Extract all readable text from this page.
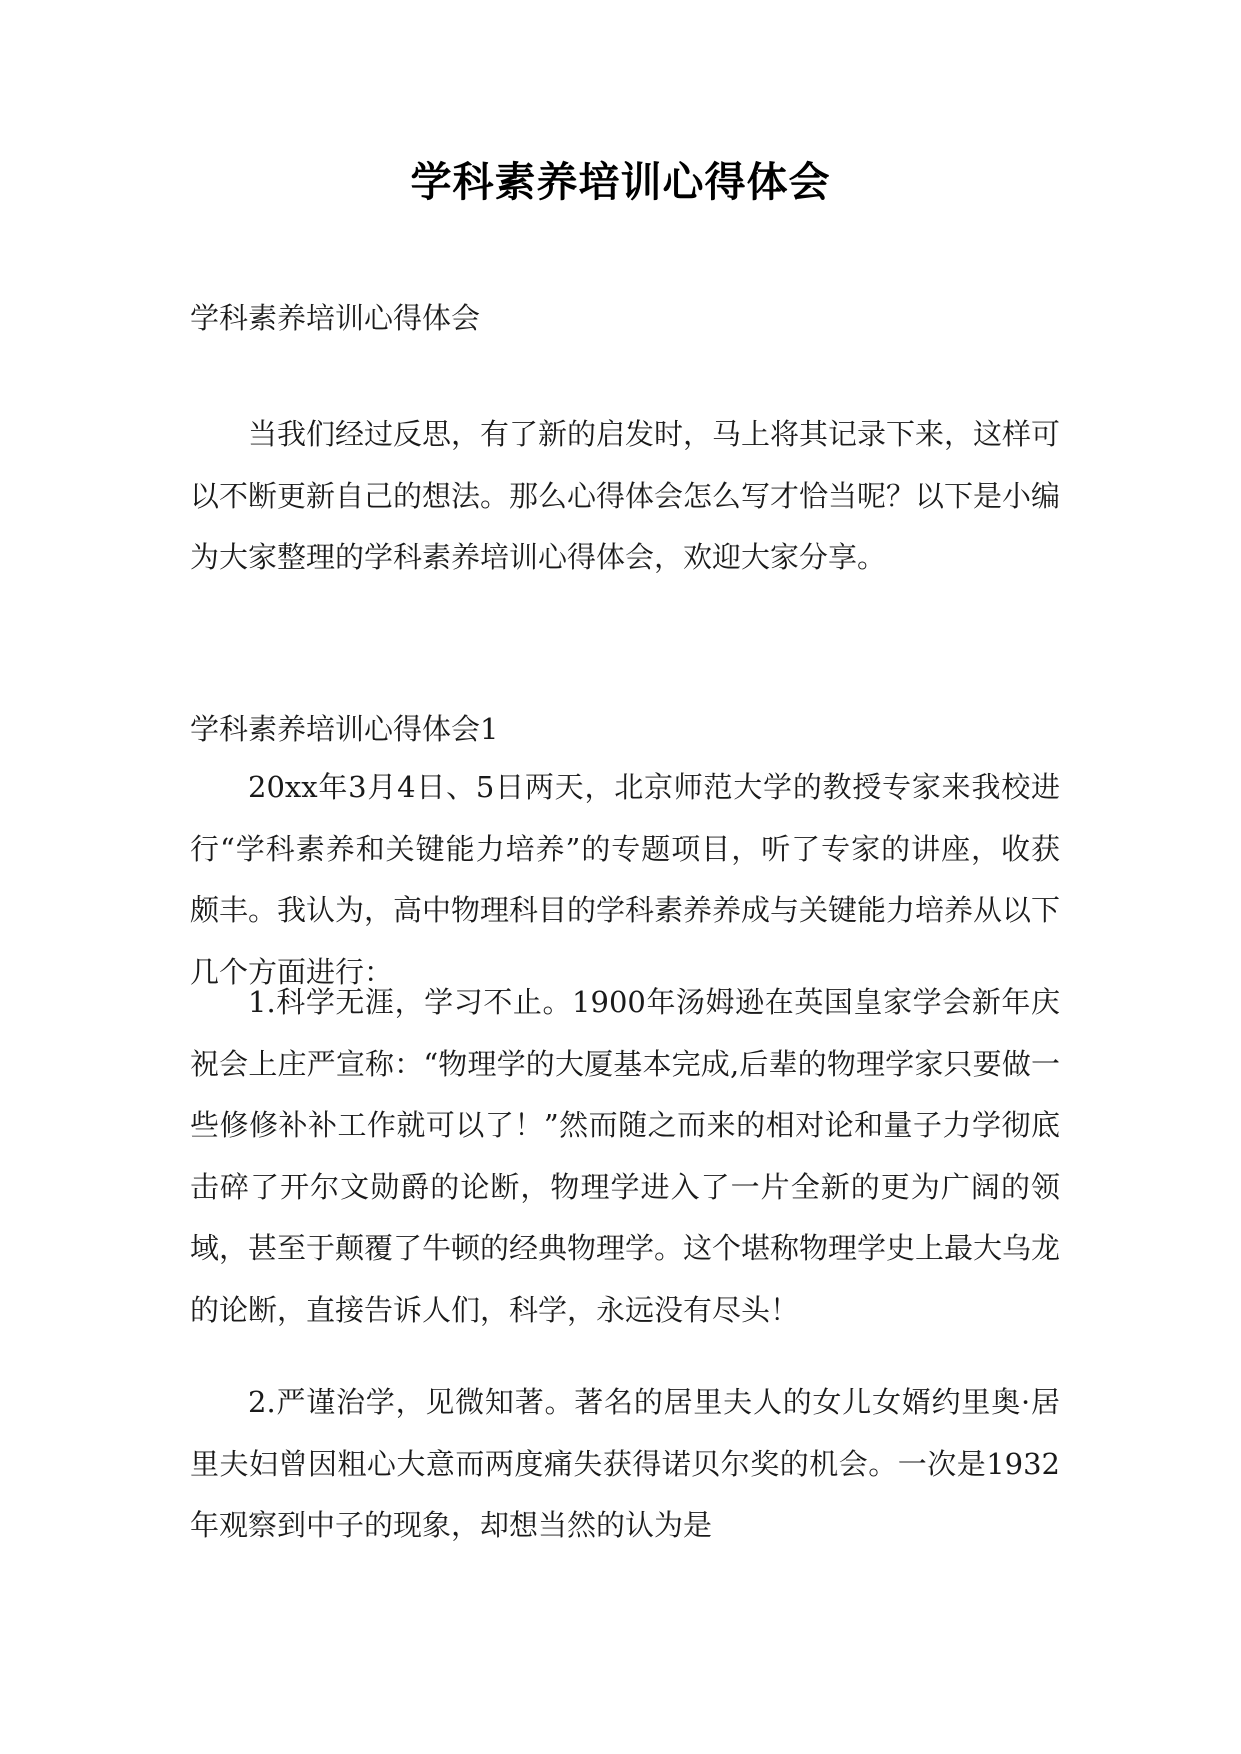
学科素养培训心得体会
学科素养培训心得体会
当我们经过反思，有了新的启发时，马上将其记录下来，这样可以不断更新自己的想法。那么心得体会怎么写才恰当呢？以下是小编为大家整理的学科素养培训心得体会，欢迎大家分享。
学科素养培训心得体会1
20xx年3月4日、5日两天，北京师范大学的教授专家来我校进行“学科素养和关键能力培养”的专题项目，听了专家的讲座，收获颇丰。我认为，高中物理科目的学科素养养成与关键能力培养从以下几个方面进行：
1.科学无涯，学习不止。1900年汤姆逊在英国皇家学会新年庆祝会上庄严宣称：“物理学的大厦基本完成,后辈的物理学家只要做一些修修补补工作就可以了！”然而随之而来的相对论和量子力学彻底击碎了开尔文勋爵的论断，物理学进入了一片全新的更为广阔的领域，甚至于颠覆了牛顿的经典物理学。这个堪称物理学史上最大乌龙的论断，直接告诉人们，科学，永远没有尽头！
2.严谨治学，见微知著。著名的居里夫人的女儿女婿约里奥·居里夫妇曾因粗心大意而两度痛失获得诺贝尔奖的机会。一次是1932年观察到中子的现象，却想当然的认为是
